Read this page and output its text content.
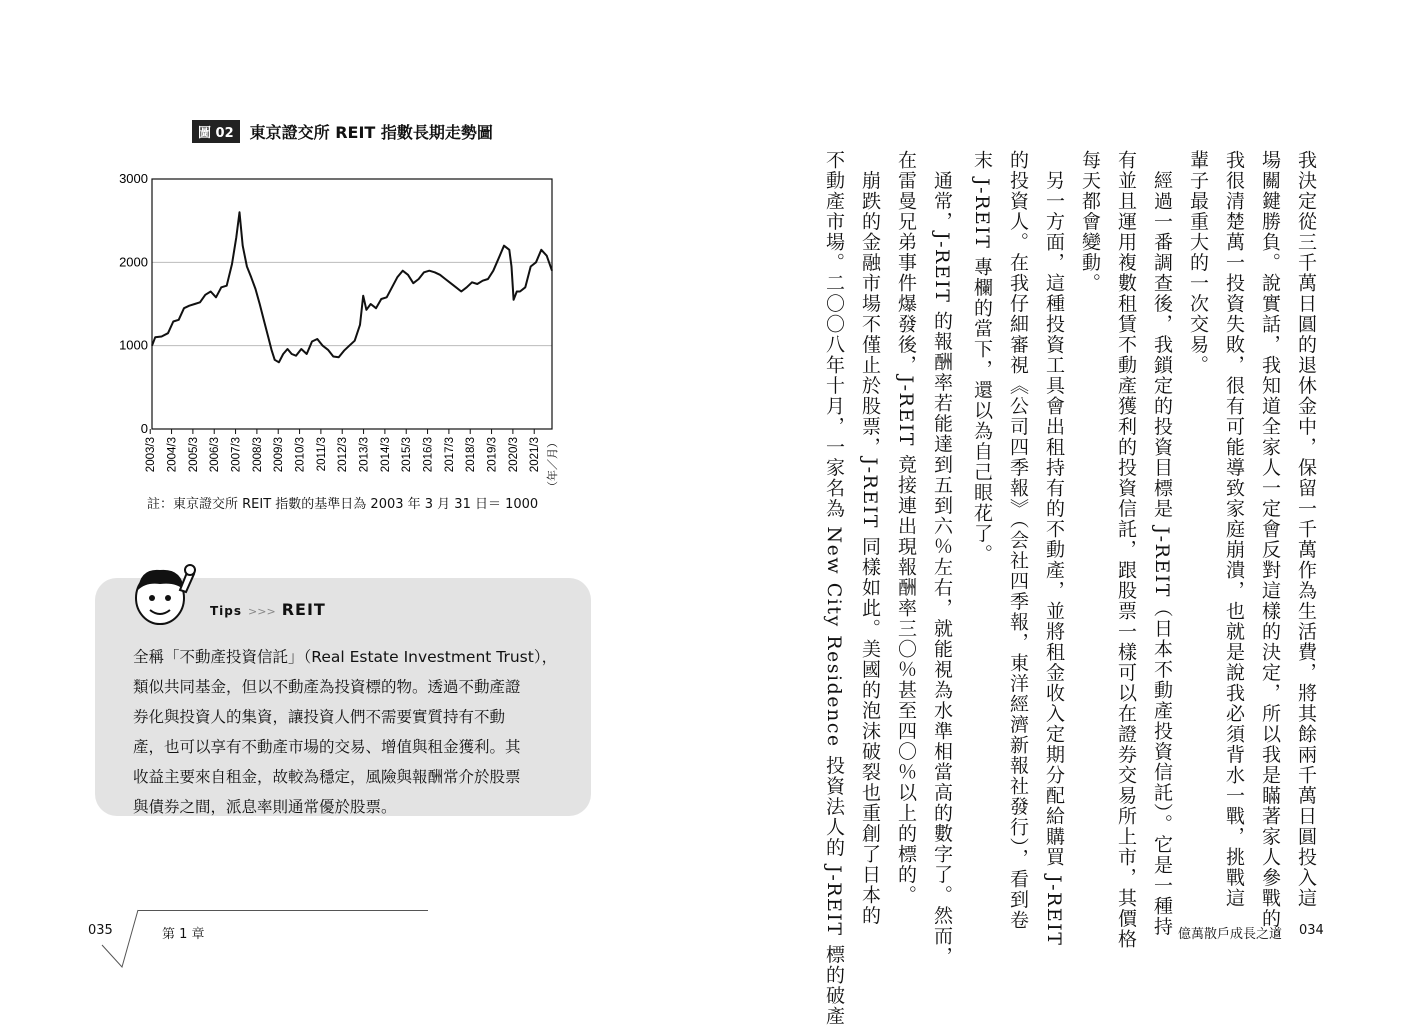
圖 02	東京證交所 REIT 指數長期走勢圖
3000
2000
1000
0
2003/3 2004/3 2005/3 2006/3 2007/3 2008/3 2009/3 2010/3 2011/3 2012/3 2013/3 2014/3 2015/3 2016/3 2017/3 2018/3 2019/3 2020/3 2021/3 （年／月）
註：東京證交所 REIT 指數的基準日為 2003 年 3 月 31 日＝ 1000
Tips >>> REIT
全稱「不動產投資信託」（Real Estate Investment Trust），
類似共同基金，但以不動產為投資標的物。透過不動產證
券化與投資人的集資，讓投資人們不需要實質持有不動
產，也可以享有不動產市場的交易、增值與租金獲利。其
收益主要來自租金，故較為穩定，風險與報酬常介於股票
與債券之間，派息率則通常優於股票。	我決定從三千萬日圓的退休金中，保留一千萬作為生活費，將其餘兩千萬日圓投入這
場關鍵勝負。說實話，我知道全家人一定會反對這樣的決定，所以我是瞞著家人參戰的。
我很清楚萬一投資失敗，很有可能導致家庭崩潰，也就是說我必須背水一戰，挑戰這
輩子最重大的一次交易。
　經過一番調查後，我鎖定的投資目標是 J-REIT（日本不動產投資信託）。它是一種持
有並且運用複數租賃不動產獲利的投資信託，跟股票一樣可以在證券交易所上市，其價格
每天都會變動。
　另一方面，這種投資工具會出租持有的不動產，並將租金收入定期分配給購買 J-REIT
的投資人。在我仔細審視《公司四季報》（会社四季報，東洋經濟新報社發行），看到卷
末 J-REIT 專欄的當下，還以為自己眼花了。
　通常，J-REIT 的報酬率若能達到五到六％左右，就能視為水準相當高的數字了。然而，
在雷曼兄弟事件爆發後，J-REIT 竟接連出現報酬率三〇％甚至四〇％以上的標的。
　崩跌的金融市場不僅止於股票，J-REIT 同樣如此。美國的泡沫破裂也重創了日本的
不動產市場。二〇〇八年十月，一家名為 New City Residence 投資法人的 J-REIT 標的破產
035	第 1 章	億萬散戶成長之道 034
